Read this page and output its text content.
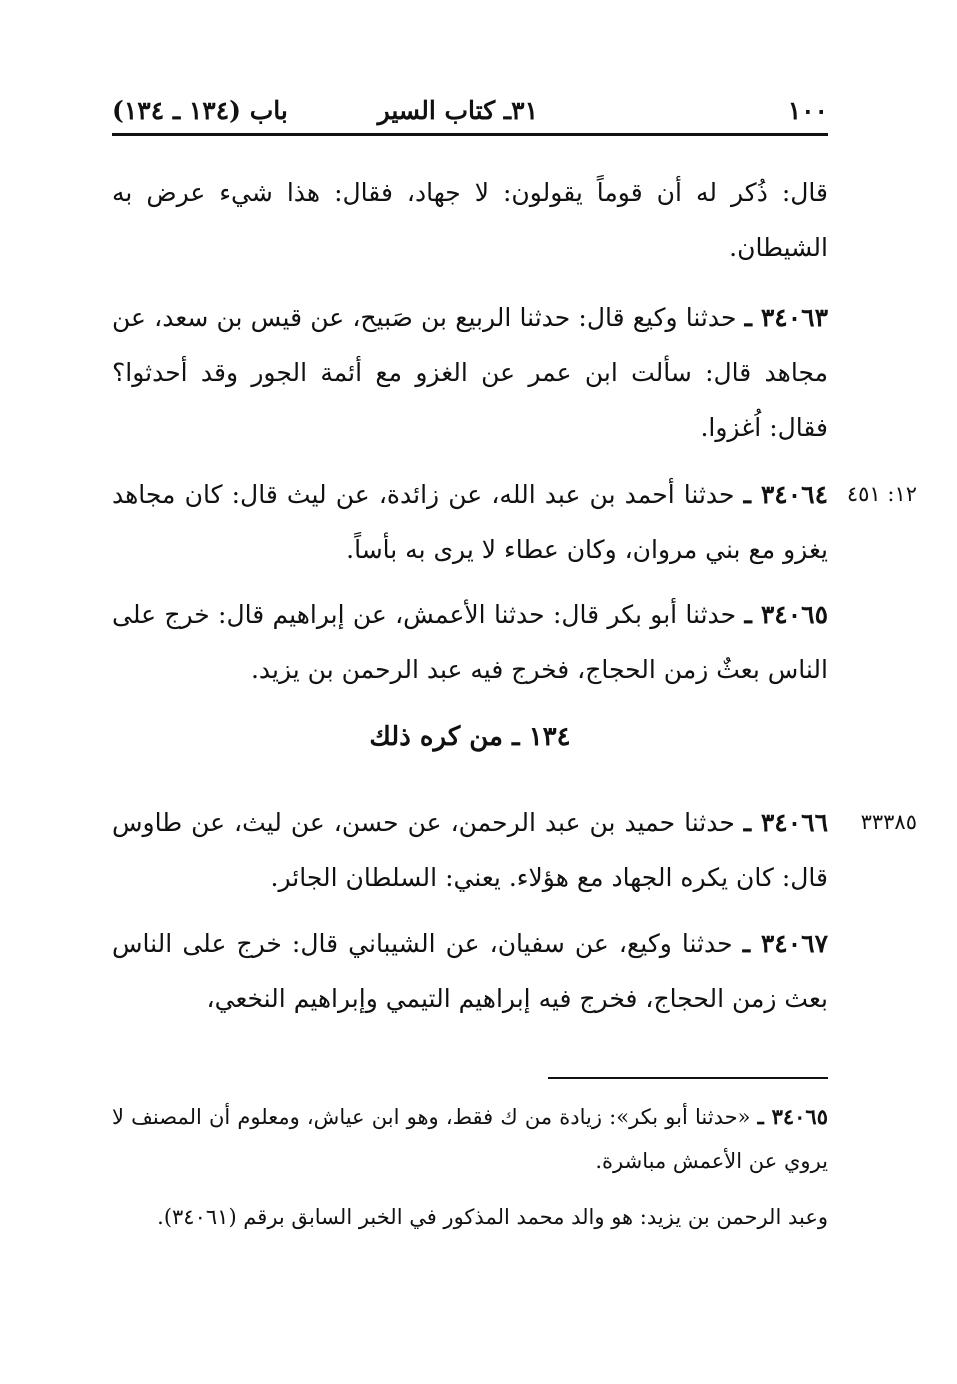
١٠٠
٣١ـ كتاب السير
باب (١٣٤ ـ ١٣٤)
قال: ذُكر له أن قوماً يقولون: لا جهاد، فقال: هذا شيء عرض به الشيطان.
٣٤٠٦٣ ـ حدثنا وكيع قال: حدثنا الربيع بن صَبيح، عن قيس بن سعد، عن مجاهد قال: سألت ابن عمر عن الغزو مع أئمة الجور وقد أحدثوا؟ فقال: اُغزوا.
١٢: ٤٥١
٣٤٠٦٤ ـ حدثنا أحمد بن عبد الله، عن زائدة، عن ليث قال: كان مجاهد يغزو مع بني مروان، وكان عطاء لا يرى به بأساً.
٣٤٠٦٥ ـ حدثنا أبو بكر قال: حدثنا الأعمش، عن إبراهيم قال: خرج على الناس بعثٌ زمن الحجاج، فخرج فيه عبد الرحمن بن يزيد.
١٣٤ ـ من كره ذلك
٣٣٣٨٥
٣٤٠٦٦ ـ حدثنا حميد بن عبد الرحمن، عن حسن، عن ليث، عن طاوس قال: كان يكره الجهاد مع هؤلاء. يعني: السلطان الجائر.
٣٤٠٦٧ ـ حدثنا وكيع، عن سفيان، عن الشيباني قال: خرج على الناس بعث زمن الحجاج، فخرج فيه إبراهيم التيمي وإبراهيم النخعي،
٣٤٠٦٥ ـ «حدثنا أبو بكر»: زيادة من ك فقط، وهو ابن عياش، ومعلوم أن المصنف لا يروي عن الأعمش مباشرة.
وعبد الرحمن بن يزيد: هو والد محمد المذكور في الخبر السابق برقم (٣٤٠٦١).
